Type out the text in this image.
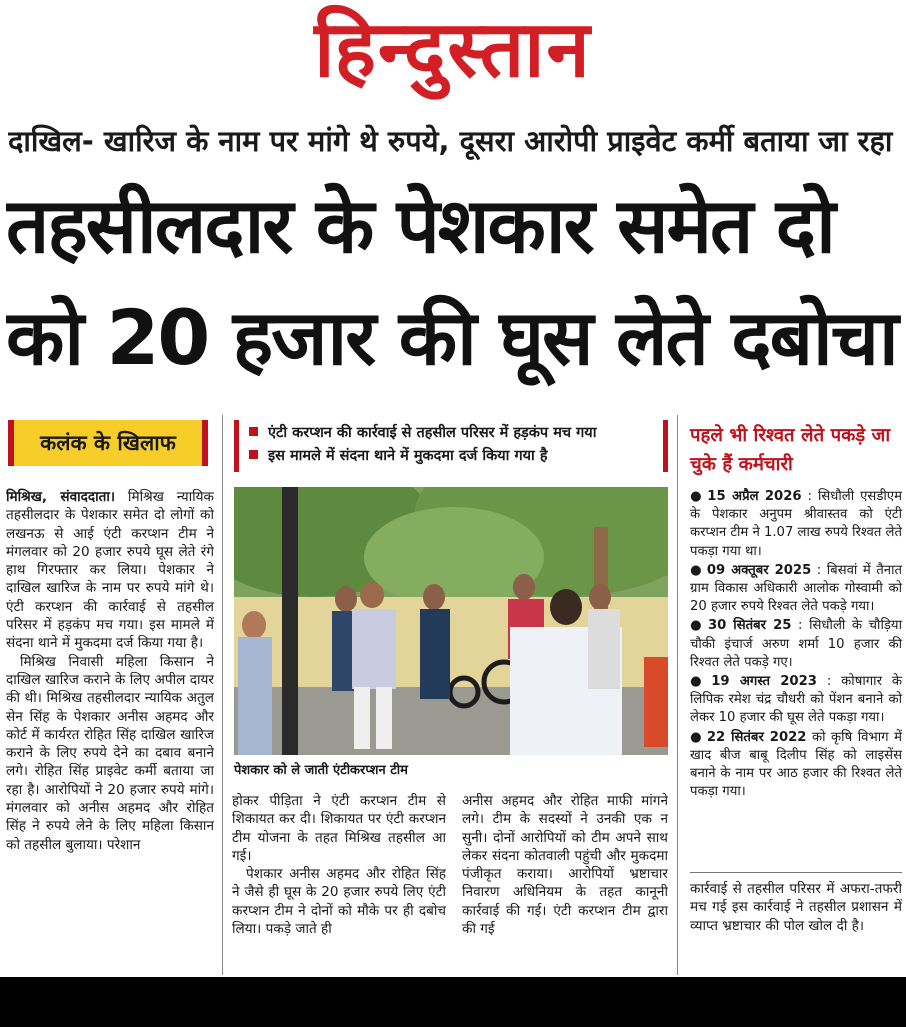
हिन्दुस्तान
दाखिल- खारिज के नाम पर मांगे थे रुपये, दूसरा आरोपी प्राइवेट कर्मी बताया जा रहा
तहसीलदार के पेशकार समेत दो
को 20 हजार की घूस लेते दबोचा
कलंक के खिलाफ

मिश्रिख, संवाददाता। मिश्रिख न्यायिक तहसीलदार के पेशकार समेत दो लोगों को लखनऊ से आई एंटी करप्शन टीम ने मंगलवार को 20 हजार रुपये घूस लेते रंगे हाथ गिरफ्तार कर लिया। पेशकार ने दाखिल खारिज के नाम पर रुपये मांगे थे। एंटी करप्शन की कार्रवाई से तहसील परिसर में हड़कंप मच गया। इस मामले में संदना थाने में मुकदमा दर्ज किया गया है।

मिश्रिख निवासी महिला किसान ने दाखिल खारिज कराने के लिए अपील दायर की थी। मिश्रिख तहसीलदार न्यायिक अतुल सेन सिंह के पेशकार अनीस अहमद और कोर्ट में कार्यरत रोहित सिंह दाखिल खारिज कराने के लिए रुपये देने का दबाव बनाने लगे। रोहित सिंह प्राइवेट कर्मी बताया जा रहा है। आरोपियों ने 20 हजार रुपये मांगे। मंगलवार को अनीस अहमद और रोहित सिंह ने रुपये लेने के लिए महिला किसान को तहसील बुलाया। परेशान

एंटी करप्शन की कार्रवाई से तहसील परिसर में हड़कंप मच गया
इस मामले में संदना थाने में मुकदमा दर्ज किया गया है
पेशकार को ले जाती एंटीकरप्शन टीम

होकर पीड़िता ने एंटी करप्शन टीम से शिकायत कर दी। शिकायत पर एंटी करप्शन टीम योजना के तहत मिश्रिख तहसील आ गई।

पेशकार अनीस अहमद और रोहित सिंह ने जैसे ही घूस के 20 हजार रुपये लिए एंटी करप्शन टीम ने दोनों को मौके पर ही दबोच लिया। पकड़े जाते ही

अनीस अहमद और रोहित माफी मांगने लगे। टीम के सदस्यों ने उनकी एक न सुनी। दोनों आरोपियों को टीम अपने साथ लेकर संदना कोतवाली पहुंची और मुकदमा पंजीकृत कराया। आरोपियों भ्रष्टाचार निवारण अधिनियम के तहत कानूनी कार्रवाई की गई। एंटी करप्शन टीम द्वारा की गई

पहले भी रिश्वत लेते पकड़े जा चुके हैं कर्मचारी
● 15 अप्रैल 2026 : सिधौली एसडीएम के पेशकार अनुपम श्रीवास्तव को एंटी करप्शन टीम ने 1.07 लाख रुपये रिश्वत लेते पकड़ा गया था।
● 09 अक्तूबर 2025 : बिसवां में तैनात ग्राम विकास अधिकारी आलोक गोस्वामी को 20 हजार रुपये रिश्वत लेते पकड़े गया।
● 30 सितंबर 25 : सिधौली के चौड़िया चौकी इंचार्ज अरुण शर्मा 10 हजार की रिश्वत लेते पकड़े गए।
● 19 अगस्त 2023 : कोषागार के लिपिक रमेश चंद्र चौधरी को पेंशन बनाने को लेकर 10 हजार की घूस लेते पकड़ा गया।
● 22 सितंबर 2022 को कृषि विभाग में खाद बीज बाबू दिलीप सिंह को लाइसेंस बनाने के नाम पर आठ हजार की रिश्वत लेते पकड़ा गया।
कार्रवाई से तहसील परिसर में अफरा-तफरी मच गई इस कार्रवाई ने तहसील प्रशासन में व्याप्त भ्रष्टाचार की पोल खोल दी है।
